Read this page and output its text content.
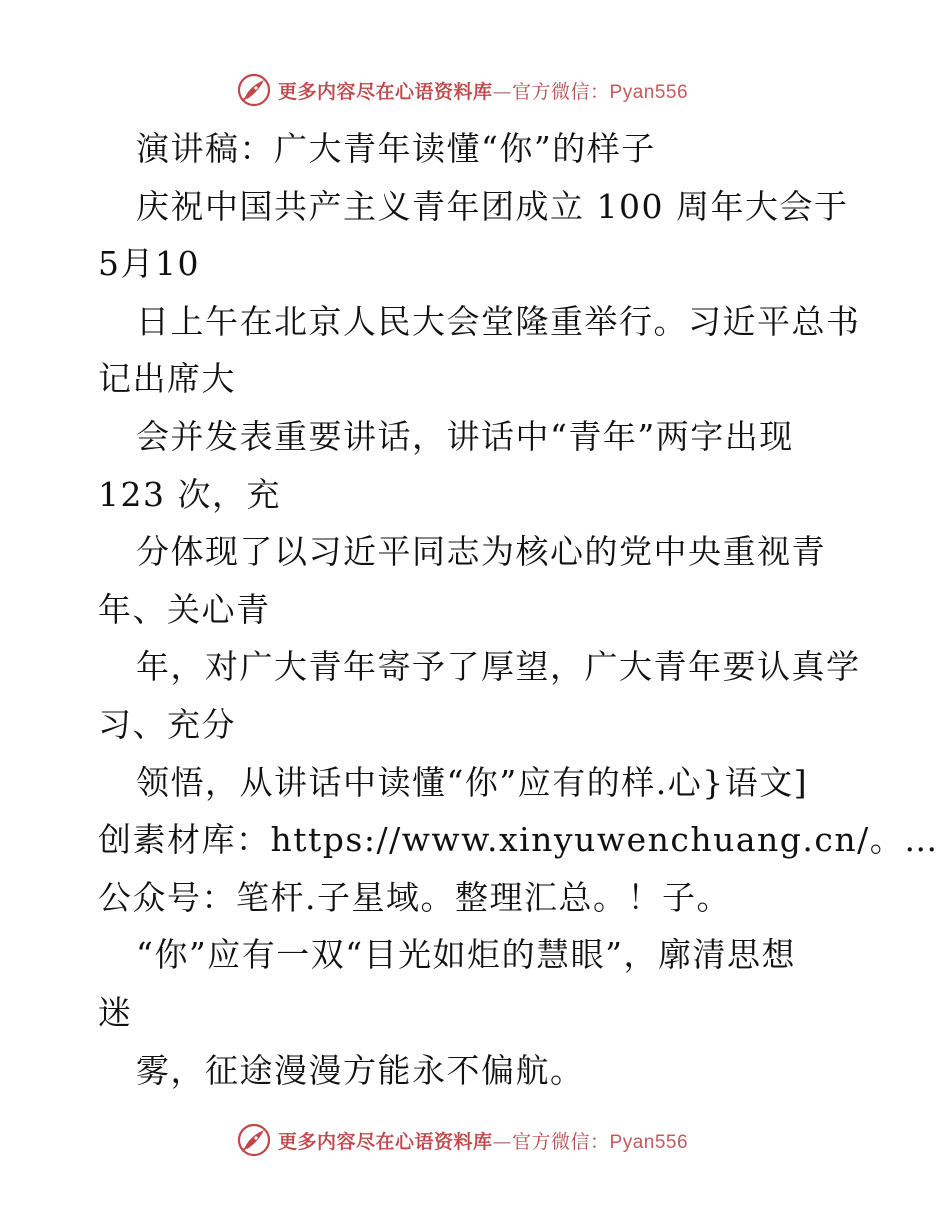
更多内容尽在心语资料库—官方微信：Pyan556
演讲稿：广大青年读懂“你”的样子
庆祝中国共产主义青年团成立 100 周年大会于
5月10
日上午在北京人民大会堂隆重举行。习近平总书
记出席大
会并发表重要讲话，讲话中“青年”两字出现
123 次，充
分体现了以习近平同志为核心的党中央重视青
年、关心青
年，对广大青年寄予了厚望，广大青年要认真学
习、充分
领悟，从讲话中读懂“你”应有的样.心}语文]
创素材库：https://www.xinyuwenchuang.cn/。…
公众号：笔杆.子星域。整理汇总。！子。
“你”应有一双“目光如炬的慧眼”，廓清思想
迷
雾，征途漫漫方能永不偏航。
更多内容尽在心语资料库—官方微信：Pyan556
